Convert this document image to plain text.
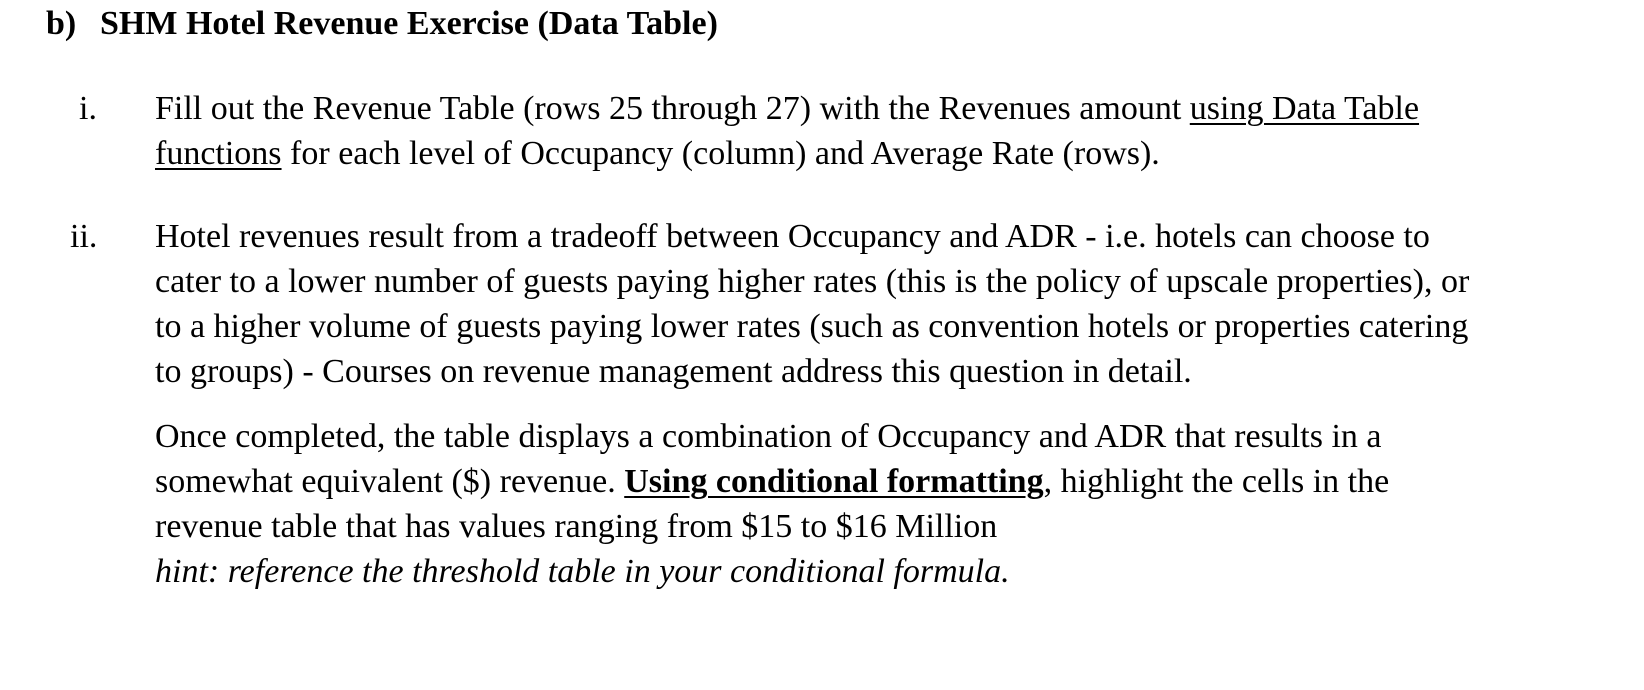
b) SHM Hotel Revenue Exercise (Data Table)
i. Fill out the Revenue Table (rows 25 through 27) with the Revenues amount using Data Table
functions for each level of Occupancy (column) and Average Rate (rows).
ii. Hotel revenues result from a tradeoff between Occupancy and ADR - i.e. hotels can choose to
cater to a lower number of guests paying higher rates (this is the policy of upscale properties), or
to a higher volume of guests paying lower rates (such as convention hotels or properties catering
to groups) - Courses on revenue management address this question in detail.

Once completed, the table displays a combination of Occupancy and ADR that results in a
somewhat equivalent ($) revenue. Using conditional formatting, highlight the cells in the
revenue table that has values ranging from $15 to $16 Million
hint: reference the threshold table in your conditional formula.
